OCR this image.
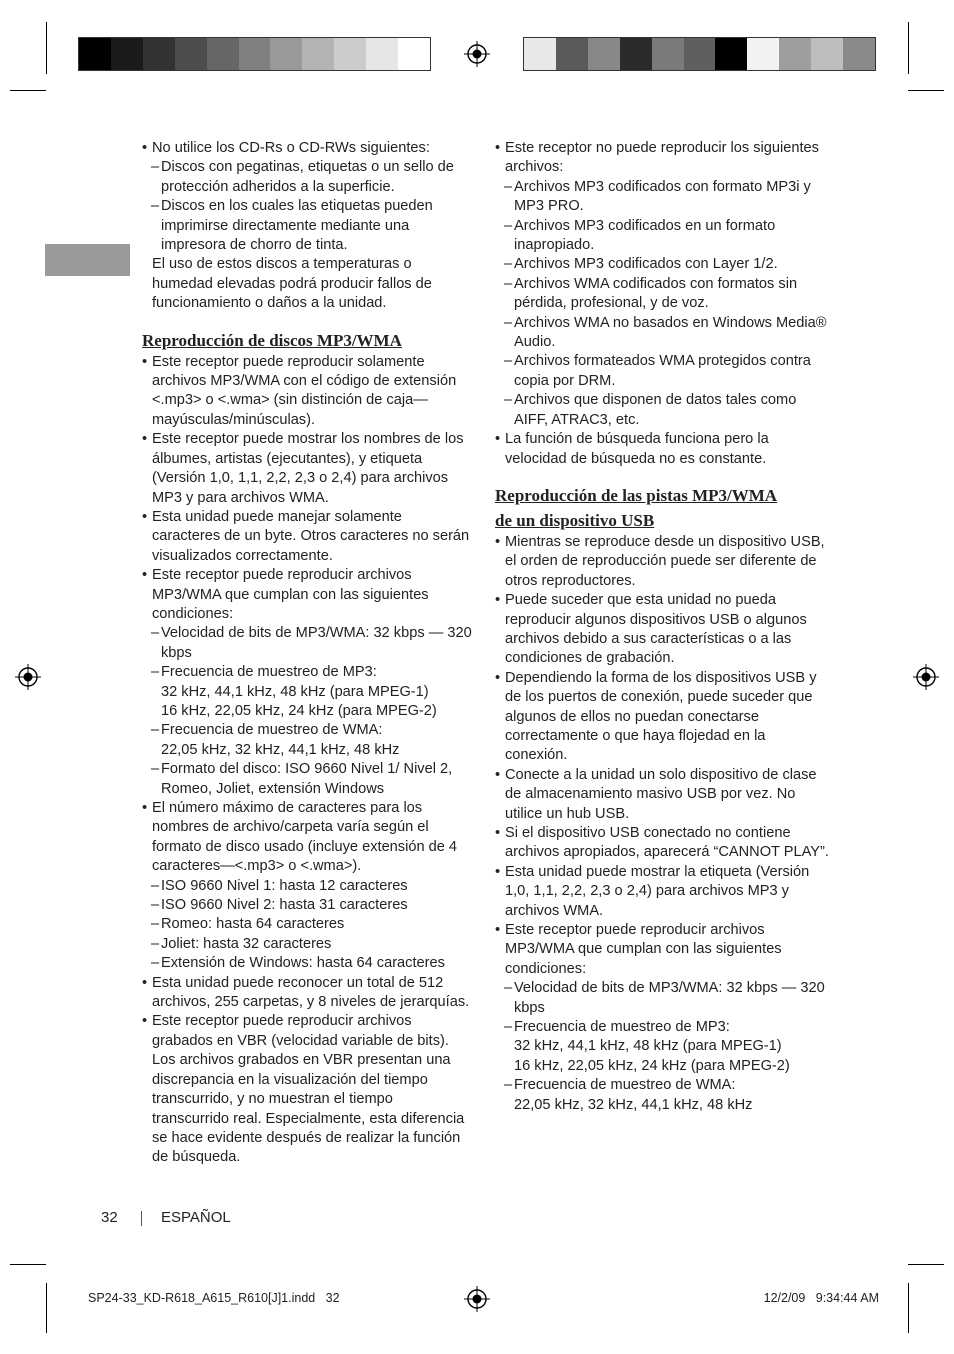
• No utilice los CD-Rs o CD-RWs siguientes:
– Discos con pegatinas, etiquetas o un sello de protección adheridos a la superficie.
– Discos en los cuales las etiquetas pueden imprimirse directamente mediante una impresora de chorro de tinta.
El uso de estos discos a temperaturas o humedad elevadas podrá producir fallos de funcionamiento o daños a la unidad.
Reproducción de discos MP3/WMA
• Este receptor puede reproducir solamente archivos MP3/WMA con el código de extensión <.mp3> o <.wma> (sin distinción de caja—mayúsculas/minúsculas).
• Este receptor puede mostrar los nombres de los álbumes, artistas (ejecutantes), y etiqueta (Versión 1,0, 1,1, 2,2, 2,3 o 2,4) para archivos MP3 y para archivos WMA.
• Esta unidad puede manejar solamente caracteres de un byte. Otros caracteres no serán visualizados correctamente.
• Este receptor puede reproducir archivos MP3/WMA que cumplan con las siguientes condiciones:
– Velocidad de bits de MP3/WMA: 32 kbps — 320 kbps
– Frecuencia de muestreo de MP3:
32 kHz, 44,1 kHz, 48 kHz (para MPEG-1)
16 kHz, 22,05 kHz, 24 kHz (para MPEG-2)
– Frecuencia de muestreo de WMA:
22,05 kHz, 32 kHz, 44,1 kHz, 48 kHz
– Formato del disco: ISO 9660 Nivel 1/ Nivel 2, Romeo, Joliet, extensión Windows
• El número máximo de caracteres para los nombres de archivo/carpeta varía según el formato de disco usado (incluye extensión de 4 caracteres—<.mp3> o <.wma>).
– ISO 9660 Nivel 1: hasta 12 caracteres
– ISO 9660 Nivel 2: hasta 31 caracteres
– Romeo: hasta 64 caracteres
– Joliet: hasta 32 caracteres
– Extensión de Windows: hasta 64 caracteres
• Esta unidad puede reconocer un total de 512 archivos, 255 carpetas, y 8 niveles de jerarquías.
• Este receptor puede reproducir archivos grabados en VBR (velocidad variable de bits). Los archivos grabados en VBR presentan una discrepancia en la visualización del tiempo transcurrido, y no muestran el tiempo transcurrido real. Especialmente, esta diferencia se hace evidente después de realizar la función de búsqueda.
• Este receptor no puede reproducir los siguientes archivos:
– Archivos MP3 codificados con formato MP3i y MP3 PRO.
– Archivos MP3 codificados en un formato inapropiado.
– Archivos MP3 codificados con Layer 1/2.
– Archivos WMA codificados con formatos sin pérdida, profesional, y de voz.
– Archivos WMA no basados en Windows Media® Audio.
– Archivos formateados WMA protegidos contra copia por DRM.
– Archivos que disponen de datos tales como AIFF, ATRAC3, etc.
• La función de búsqueda funciona pero la velocidad de búsqueda no es constante.
Reproducción de las pistas MP3/WMA
de un dispositivo USB
• Mientras se reproduce desde un dispositivo USB, el orden de reproducción puede ser diferente de otros reproductores.
• Puede suceder que esta unidad no pueda reproducir algunos dispositivos USB o algunos archivos debido a sus características o a las condiciones de grabación.
• Dependiendo la forma de los dispositivos USB y de los puertos de conexión, puede suceder que algunos de ellos no puedan conectarse correctamente o que haya flojedad en la conexión.
• Conecte a la unidad un solo dispositivo de clase de almacenamiento masivo USB por vez. No utilice un hub USB.
• Si el dispositivo USB conectado no contiene archivos apropiados, aparecerá “CANNOT PLAY”.
• Esta unidad puede mostrar la etiqueta (Versión 1,0, 1,1, 2,2, 2,3 o 2,4) para archivos MP3 y archivos WMA.
• Este receptor puede reproducir archivos MP3/WMA que cumplan con las siguientes condiciones:
– Velocidad de bits de MP3/WMA: 32 kbps — 320 kbps
– Frecuencia de muestreo de MP3:
32 kHz, 44,1 kHz, 48 kHz (para MPEG-1)
16 kHz, 22,05 kHz, 24 kHz (para MPEG-2)
– Frecuencia de muestreo de WMA:
22,05 kHz, 32 kHz, 44,1 kHz, 48 kHz
32	ESPAÑOL
SP24-33_KD-R618_A615_R610[J]1.indd   32	12/2/09   9:34:44 AM
